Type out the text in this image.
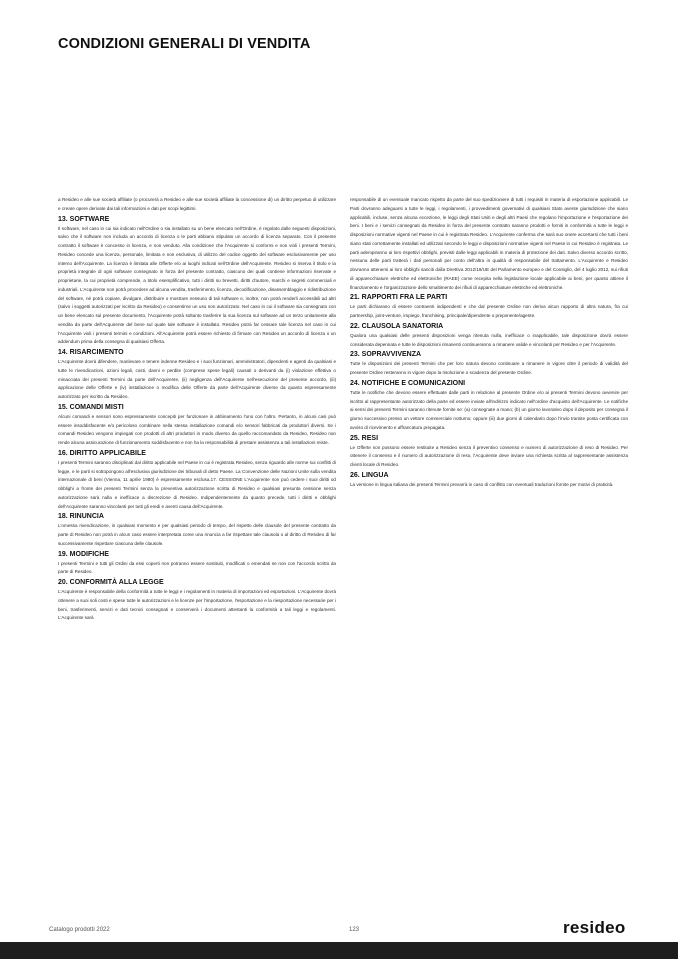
CONDIZIONI GENERALI DI VENDITA

a Resideo e alle sue società affiliate (o procurerà a Resideo e alle sue società affiliate la concessione di) un diritto perpetuo di utilizzare e creare opere derivate dai tali informazioni e dati per scopi legittimi.

13. SOFTWARE

Il software, nel caso in cui sia indicato nell'Ordine o sia installato su un bene elencato nell'Ordine, è regolato dalle seguenti disposizioni, salvo che il software non includa un accordo di licenza o le parti abbiano stipulato un accordo di licenza separato. Con il presente contratto il software è concesso in licenza, e non venduto. Alla condizione che l'Acquirente si conformi e non violi i presenti Termini, Resideo concede una licenza, personale, limitata e non esclusiva, di utilizzo del codice oggetto del software esclusivamente per uso interno dell'Acquirente. La licenza è limitata alle Offerte e/o ai luoghi indicati nell'Ordine dell'Acquirente. Resideo si riserva il titolo e la proprietà integrale di ogni software consegnato in forza del presente contratto, ciascuno dei quali contiene informazioni riservate e proprietarie, la cui proprietà comprende, a titolo esemplificativo, tutti i diritti su brevetti, diritti d'autore, marchi e segreti commerciali e industriali. L'Acquirente non potrà procedere ad alcuna vendita, trasferimento, licenza, decodificazione, disassemblaggio e ridistribuzione del software, né potrà copiare, divulgare, distribuire o mostrare nessuno di tali software e, inoltre, non potrà renderli accessibili ad altri (salvo i soggetti autorizzati per iscritto da Resideo) e consentirne un uso non autorizzato. Nel caso in cui il software sia consegnato con un bene elencato sul presente documento, l'Acquirente potrà soltanto trasferire la sua licenza sul software ad un terzo unitamente alla vendita da parte dell'Acquirente del bene sul quale tale software è installato. Resideo potrà far cessare tale licenza nel caso in cui l'Acquirente violi i presenti termini e condizioni. All'Acquirente potrà essere richiesto di firmare con Resideo un accordo di licenza o un addendum prima della consegna di qualsiasi Offerta.

14. RISARCIMENTO

L'Acquirente dovrà difendere, manlevare e tenere indenne Resideo e i suoi funzionari, amministratori, dipendenti e agenti da qualsiasi e tutte le rivendicazioni, azioni legali, costi, danni e perdite (comprese spese legali) causati o derivanti da (i) violazione effettiva o minacciata dei presenti Termini da parte dell'Acquirente, (ii) negligenza dell'Acquirente nell'esecuzione del presente accordo, (iii) applicazione delle Offerte e (iv) installazione o modifica delle Offerte da parte dell'Acquirente diverse da quanto espressamente autorizzato per iscritto da Resideo.

15. COMANDI MISTI

Alcuni comandi e sensori sono espressamente concepiti per funzionare in abbinamento l'uno con l'altro. Pertanto, in alcuni casi può essere insoddisfacente e/o pericoloso combinare nella stessa installazione comandi e/o sensori fabbricati da produttori diversi. Se i comandi Resideo vengono impiegati con prodotti di altri produttori in modo diverso da quello raccomandato da Resideo, Resideo non rende alcuna assicurazione di funzionamento soddisfacente e non ha la responsabilità di prestare assistenza a tali installazioni miste.

16. DIRITTO APPLICABILE

I presenti Termini saranno disciplinati dal diritto applicabile nel Paese in cui è registrata Resideo, senza riguardo alle norme sui conflitti di legge, e le parti si sottopongono all'esclusiva giurisdizione dei tribunali di detto Paese. La Convenzione delle Nazioni Unite sulla vendita internazionale di beni (Vienna, 11 aprile 1980) è espressamente esclusa.17. CESSIONE L'Acquirente non può cedere i suoi diritti od obblighi a fronte dei presenti Termini senza la preventiva autorizzazione scritta di Resideo e qualsiasi presunta cessione senza autorizzazione sarà nulla e inefficace a discrezione di Resideo. Indipendentemente da quanto precede, tutti i diritti e obblighi dell'Acquirente saranno vincolanti per tutti gli eredi e aventi causa dell'Acquirente.

18. RINUNCIA

L'omessa rivendicazione, in qualsiasi momento e per qualsiasi periodo di tempo, del rispetto delle clausole del presente contratto da parte di Resideo non potrà in alcun caso essere interpretata come una rinuncia a far rispettare tale clausola o al diritto di Resideo di far successivamente rispettare ciascuna delle clausole.

19. MODIFICHE

I presenti Termini e tutti gli Ordini da essi coperti non potranno essere sostituiti, modificati o emendati se non con l'accordo scritto da parte di Resideo.

20. CONFORMITÀ ALLA LEGGE

L'Acquirente è responsabile della conformità a tutte le leggi e i regolamenti in materia di importazioni ed esportazioni. L'Acquirente dovrà ottenere a suoi soli costi e spese tutte le autorizzazioni e le licenze per l'importazione, l'esportazione e la riesportazione necessarie per i beni, trasferimenti, servizi e dati tecnici consegnati e conserverà i documenti attestanti la conformità a tali leggi e regolamenti. L'Acquirente sarà

responsabile di un eventuale mancato rispetto da parte del suo spedizioniere di tutti i requisiti in materia di esportazione applicabili. Le Parti dovranno adeguarsi a tutte le leggi, i regolamenti, i provvedimenti governativi di qualsiasi Stato avente giurisdizione che siano applicabili, incluse, senza alcuna eccezione, le leggi degli Stati Uniti e degli altri Paesi che regolano l'importazione e l'esportazione dei beni. I beni e i servizi consegnati da Resideo in forza del presente contratto saranno prodotti e forniti in conformità a tutte le leggi e disposizioni normative vigenti nel Paese in cui è registrata Resideo. L'Acquirente conferma che sarà suo onere accertarsi che tutti i beni siano stati correttamente installati ed utilizzati secondo le leggi e disposizioni normative vigenti nel Paese in cui Resideo è registrata. Le parti adempiranno ai loro rispettivi obblighi, previsti dalle leggi applicabili in materia di protezione dei dati. Salvo diverso accordo scritto, nessuna delle parti tratterà i dati personali per conto dell'altra in qualità di responsabile del trattamento. L'Acquirente e Resideo dovranno attenersi ai loro obblighi sanciti dalla Direttiva 2012/19/UE del Parlamento europeo e del Consiglio, del 4 luglio 2012, sui rifiuti di apparecchiature elettriche ed elettroniche (RAEE) come recepita nella legislazione locale applicabile ai beni, per quanto attiene il finanziamento e l'organizzazione dello smaltimento dei rifiuti di apparecchiature elettriche ed elettroniche.

21. RAPPORTI FRA LE PARTI

Le parti dichiarano di essere contraenti indipendenti e che dal presente Ordine non deriva alcun rapporto di altra natura, fra cui partnership, joint-venture, impiego, franchising, principale/dipendente o preponente/agente.

22. CLAUSOLA SANATORIA

Qualora una qualsiasi delle presenti disposizioni venga ritenuta nulla, inefficace o inapplicabile, tale disposizione dovrà essere considerata depennata e tutte le disposizioni rimanenti continueranno a rimanere valide e vincolanti per Resideo e per l'Acquirente.

23. SOPRAVVIVENZA

Tutte le disposizioni dei presenti Termini che per loro natura devono continuare a rimanere in vigore oltre il periodo di validità del presente Ordine resteranno in vigore dopo la risoluzione o scadenza del presente Ordine.

24. NOTIFICHE E COMUNICAZIONI

Tutte le notifiche che devono essere effettuate dalle parti in relazione al presente Ordine e/o ai presenti Termini devono avvenire per iscritto al rappresentante autorizzato della parte ed essere inviate all'indirizzo indicato nell'ordine d'acquisto dell'Acquirente. Le notifiche ai sensi dei presenti Termini saranno ritenute fornite se: (a) consegnate a mano; (b) un giorno lavorativo dopo il deposito per consegna il giorno successivo presso un vettore commerciale notturno; oppure (iii) due giorni di calendario dopo l'invio tramite posta certificata con avviso di ricevimento e affrancatura prepagata.

25. RESI

Le Offerte non possono essere restituite a Resideo senza il preventivo consenso e numero di autorizzazione di reso di Resideo. Per ottenere il consenso e il numero di autorizzazione di reso, l'Acquirente deve inviare una richiesta scritta al rappresentante assistenza clienti locale di Resideo.

26. LINGUA

La versione in lingua italiana dei presenti Termini prevarrà in caso di conflitto con eventuali traduzioni fornite per motivi di praticità.

Catalogo prodotti 2022	123	resideo
